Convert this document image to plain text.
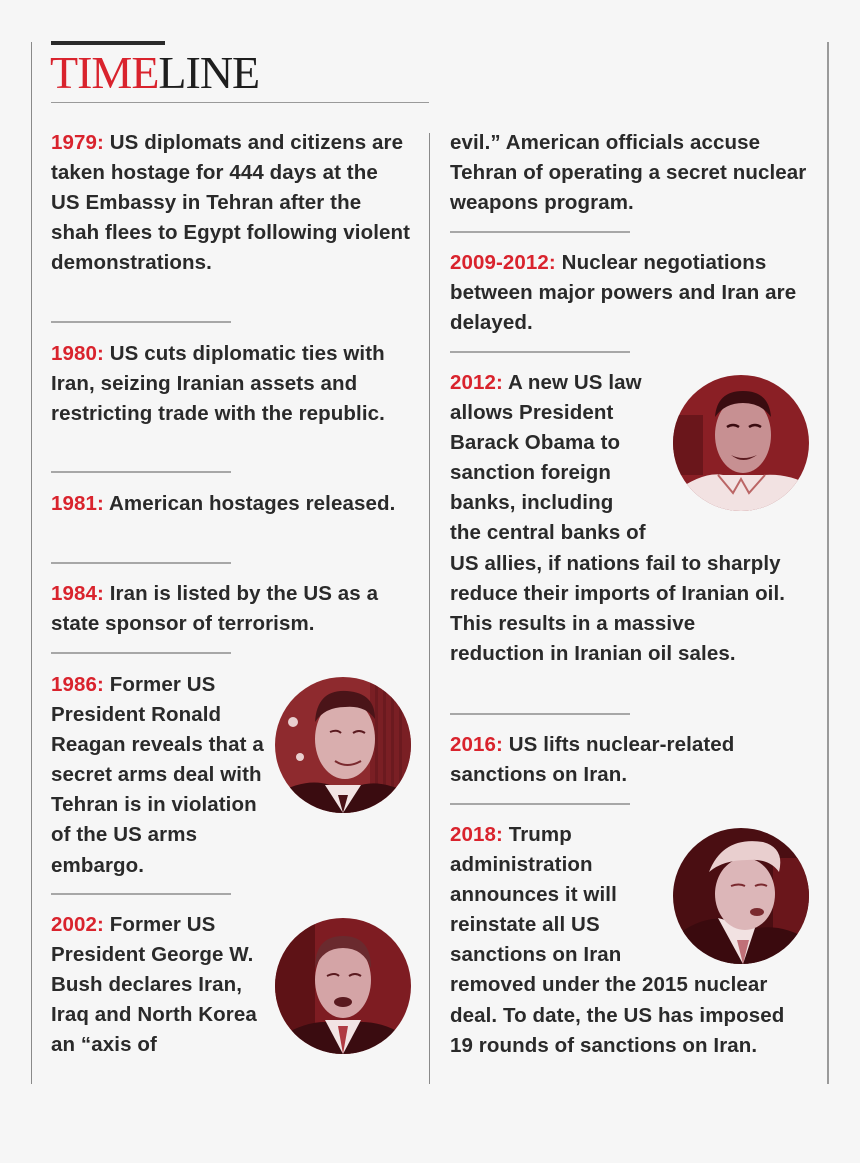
TIMELINE
1979: US diplomats and citizens are taken hostage for 444 days at the US Embassy in Tehran after the shah flees to Egypt following violent demonstrations.
1980: US cuts diplomatic ties with Iran, seizing Iranian assets and restricting trade with the republic.
1981: American hostages released.
1984: Iran is listed by the US as a state sponsor of terrorism.
1986: Former US President Ronald Reagan reveals that a secret arms deal with Tehran is in violation of the US arms embargo.
2002: Former US President George W. Bush declares Iran, Iraq and North Korea an “axis of
evil.” American officials accuse Tehran of operating a secret nuclear weapons program.
2009-2012: Nuclear negotiations between major powers and Iran are delayed.
2012: A new US law allows President Barack Obama to sanction foreign banks, including the central banks of US allies, if nations fail to sharply reduce their imports of Iranian oil. This results in a massive reduction in Iranian oil sales.
2016: US lifts nuclear-related sanctions on Iran.
2018: Trump administration announces it will reinstate all US sanctions on Iran removed under the 2015 nuclear deal. To date, the US has imposed 19 rounds of sanctions on Iran.
